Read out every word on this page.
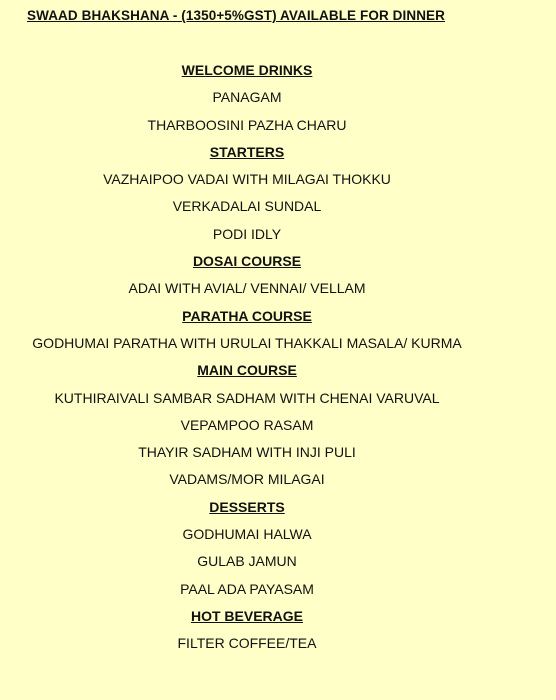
SWAAD BHAKSHANA - (1350+5%GST) AVAILABLE FOR DINNER
WELCOME DRINKS
PANAGAM
THARBOOSINI PAZHA CHARU
STARTERS
VAZHAIPOO VADAI WITH MILAGAI THOKKU
VERKADALAI SUNDAL
PODI IDLY
DOSAI COURSE
ADAI WITH AVIAL/ VENNAI/ VELLAM
PARATHA COURSE
GODHUMAI PARATHA WITH URULAI THAKKALI MASALA/ KURMA
MAIN COURSE
KUTHIRAIVALI SAMBAR SADHAM WITH CHENAI VARUVAL
VEPAMPOO RASAM
THAYIR SADHAM WITH INJI PULI
VADAMS/MOR MILAGAI
DESSERTS
GODHUMAI HALWA
GULAB JAMUN
PAAL ADA PAYASAM
HOT BEVERAGE
FILTER COFFEE/TEA
